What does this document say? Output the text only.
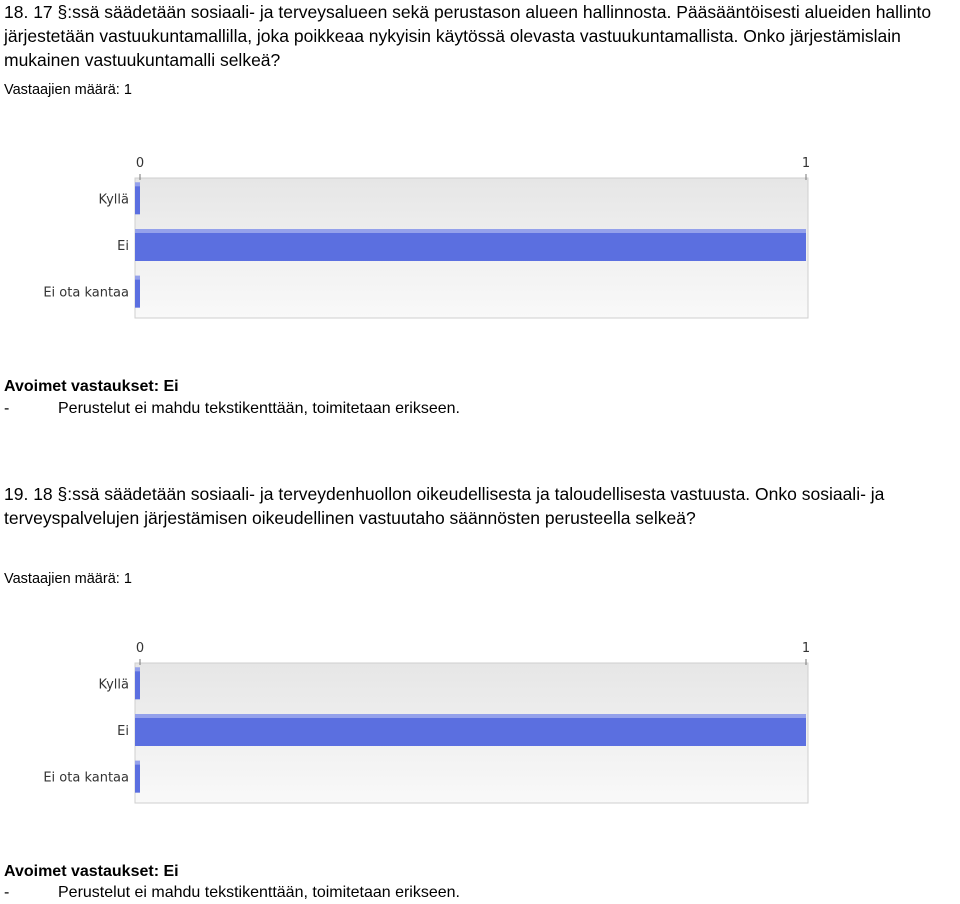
18. 17 §:ssä säädetään sosiaali- ja terveysalueen sekä perustason alueen hallinnosta. Pääsääntöisesti alueiden hallinto järjestetään vastuukuntamallilla, joka poikkeaa nykyisin käytössä olevasta vastuukuntamallista. Onko järjestämislain mukainen vastuukuntamalli selkeä?

Vastaajien määrä: 1
0	1
Kyllä
Ei
Ei ota kantaa
Avoimet vastaukset: Ei
-	Perustelut ei mahdu tekstikenttään, toimitetaan erikseen.

19. 18 §:ssä säädetään sosiaali- ja terveydenhuollon oikeudellisesta ja taloudellisesta vastuusta. Onko sosiaali- ja terveyspalvelujen järjestämisen oikeudellinen vastuutaho säännösten perusteella selkeä?

Vastaajien määrä: 1
0	1
Kyllä
Ei
Ei ota kantaa
Avoimet vastaukset: Ei
-	Perustelut ei mahdu tekstikenttään, toimitetaan erikseen.
